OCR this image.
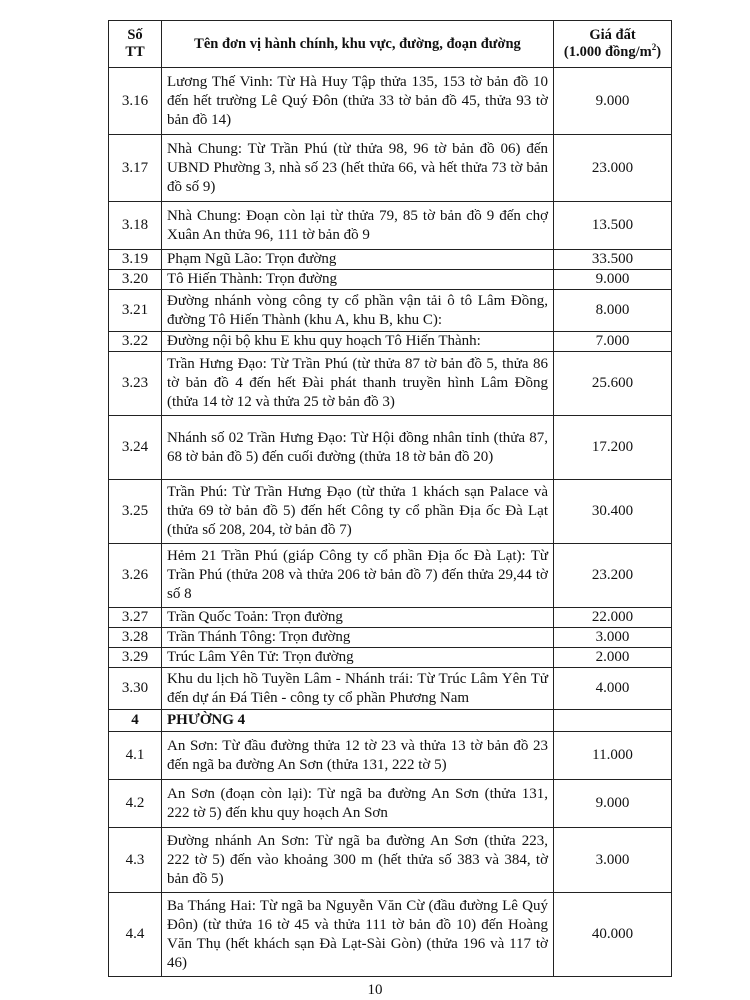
Số
TT	Tên đơn vị hành chính, khu vực, đường, đoạn đường	Giá đất
(1.000 đồng/$m^2$)
3.16	Lương Thế Vinh: Từ Hà Huy Tập thửa 135, 153 tờ bản đồ 10 đến hết trường Lê Quý Đôn (thửa 33 tờ bản đồ 45, thửa 93 tờ bản đồ 14)	9.000
3.17	Nhà Chung: Từ Trần Phú (từ thửa 98, 96 tờ bản đồ 06) đến UBND Phường 3, nhà số 23 (hết thửa 66, và hết thửa 73 tờ bản đồ số 9)	23.000
3.18	Nhà Chung: Đoạn còn lại từ thửa 79, 85 tờ bản đồ 9 đến chợ Xuân An thửa 96, 111 tờ bản đồ 9	13.500
3.19	Phạm Ngũ Lão: Trọn đường	33.500
3.20	Tô Hiến Thành: Trọn đường	9.000
3.21	Đường nhánh vòng công ty cổ phần vận tải ô tô Lâm Đồng, đường Tô Hiến Thành (khu A, khu B, khu C):	8.000
3.22	Đường nội bộ khu E khu quy hoạch Tô Hiến Thành:	7.000
3.23	Trần Hưng Đạo: Từ Trần Phú (từ thửa 87 tờ bản đồ 5, thửa 86 tờ bản đồ 4 đến hết Đài phát thanh truyền hình Lâm Đồng (thửa 14 tờ 12 và thửa 25 tờ bản đồ 3)	25.600
3.24	Nhánh số 02 Trần Hưng Đạo: Từ Hội đồng nhân tỉnh (thửa 87, 68 tờ bản đồ 5) đến cuối đường (thửa 18 tờ bản đồ 20)	17.200
3.25	Trần Phú: Từ Trần Hưng Đạo (từ thửa 1 khách sạn Palace và thửa 69 tờ bản đồ 5) đến hết Công ty cổ phần Địa ốc Đà Lạt (thửa số 208, 204, tờ bản đồ 7)	30.400
3.26	Hẻm 21 Trần Phú (giáp Công ty cổ phần Địa ốc Đà Lạt): Từ Trần Phú (thửa 208 và thửa 206 tờ bản đồ 7) đến thửa 29,44 tờ số 8	23.200
3.27	Trần Quốc Toản: Trọn đường	22.000
3.28	Trần Thánh Tông: Trọn đường	3.000
3.29	Trúc Lâm Yên Tử: Trọn đường	2.000
3.30	Khu du lịch hồ Tuyền Lâm - Nhánh trái: Từ Trúc Lâm Yên Tử đến dự án Đá Tiên - công ty cổ phần Phương Nam	4.000
4	PHƯỜNG 4	
4.1	An Sơn: Từ đầu đường thửa 12 tờ 23 và thửa 13 tờ bản đồ 23 đến ngã ba đường An Sơn (thửa 131, 222 tờ 5)	11.000
4.2	An Sơn (đoạn còn lại): Từ ngã ba đường An Sơn (thửa 131, 222 tờ 5) đến khu quy hoạch An Sơn	9.000
4.3	Đường nhánh An Sơn: Từ ngã ba đường An Sơn (thửa 223, 222 tờ 5) đến vào khoảng 300 m (hết thửa số 383 và 384, tờ bản đồ 5)	3.000
4.4	Ba Tháng Hai: Từ ngã ba Nguyễn Văn Cừ (đầu đường Lê Quý Đôn) (từ thửa 16 tờ 45 và thửa 111 tờ bản đồ 10) đến Hoàng Văn Thụ (hết khách sạn Đà Lạt-Sài Gòn) (thửa 196 và 117 tờ 46)	40.000
10
